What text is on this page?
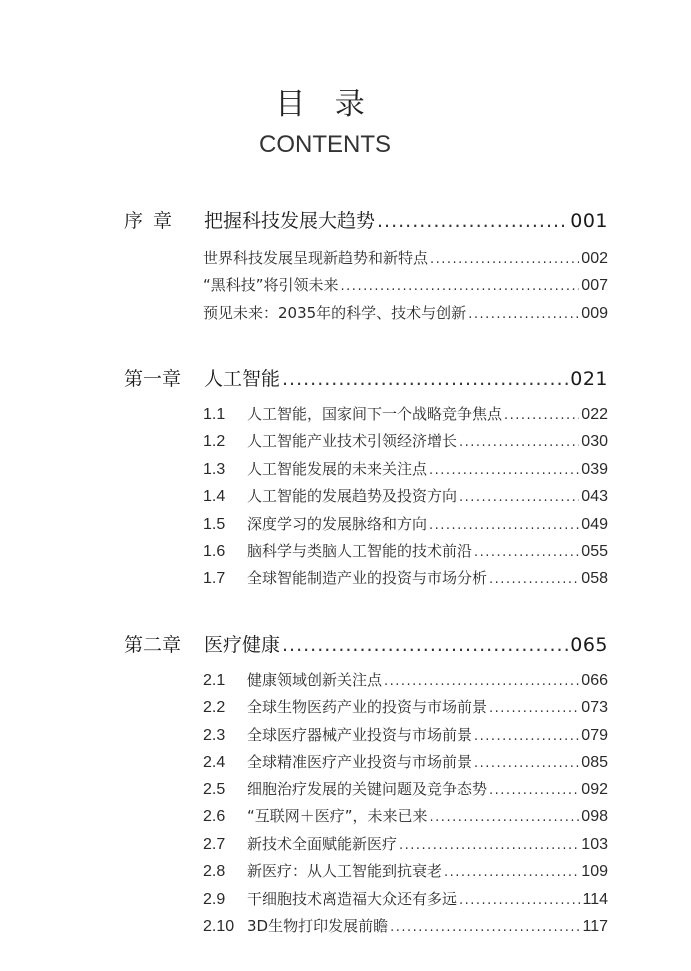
目 录
CONTENTS
序章	把握科技发展大趋势 .....	001
世界科技发展呈现新趋势和新特点 .....	002
“黑科技”将引领未来 .....	007
预见未来：2035年的科学、技术与创新 .....	009
第一章	人工智能 .....	021
1.1	人工智能，国家间下一个战略竞争焦点 .....	022
1.2	人工智能产业技术引领经济增长 .....	030
1.3	人工智能发展的未来关注点 .....	039
1.4	人工智能的发展趋势及投资方向 .....	043
1.5	深度学习的发展脉络和方向 .....	049
1.6	脑科学与类脑人工智能的技术前沿 .....	055
1.7	全球智能制造产业的投资与市场分析 .....	058
第二章	医疗健康 .....	065
2.1	健康领域创新关注点 .....	066
2.2	全球生物医药产业的投资与市场前景 .....	073
2.3	全球医疗器械产业投资与市场前景 .....	079
2.4	全球精准医疗产业投资与市场前景 .....	085
2.5	细胞治疗发展的关键问题及竞争态势 .....	092
2.6	“互联网＋医疗”，未来已来 .....	098
2.7	新技术全面赋能新医疗 .....	103
2.8	新医疗：从人工智能到抗衰老 .....	109
2.9	干细胞技术离造福大众还有多远 .....	114
2.10 3D生物打印发展前瞻 .....	117
